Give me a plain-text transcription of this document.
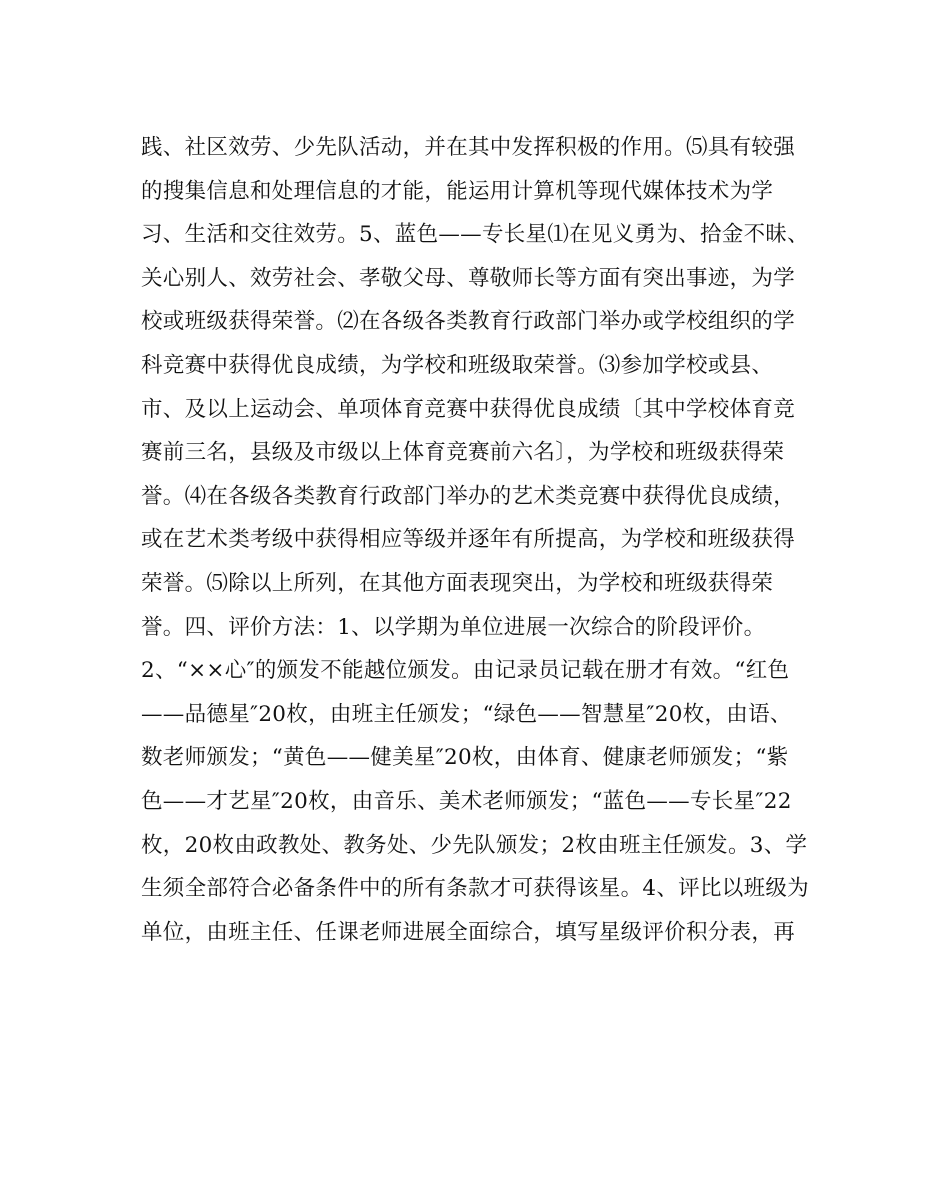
践、社区效劳、少先队活动，并在其中发挥积极的作用。⑸具有较强
的搜集信息和处理信息的才能，能运用计算机等现代媒体技术为学
习、生活和交往效劳。5、蓝色——专长星⑴在见义勇为、拾金不昧、
关心别人、效劳社会、孝敬父母、尊敬师长等方面有突出事迹，为学
校或班级获得荣誉。⑵在各级各类教育行政部门举办或学校组织的学
科竞赛中获得优良成绩，为学校和班级取荣誉。⑶参加学校或县、
市、及以上运动会、单项体育竞赛中获得优良成绩〔其中学校体育竞
赛前三名，县级及市级以上体育竞赛前六名〕，为学校和班级获得荣
誉。⑷在各级各类教育行政部门举办的艺术类竞赛中获得优良成绩，
或在艺术类考级中获得相应等级并逐年有所提高，为学校和班级获得
荣誉。⑸除以上所列，在其他方面表现突出，为学校和班级获得荣
誉。四、评价方法：1、以学期为单位进展一次综合的阶段评价。
2、“××心″的颁发不能越位颁发。由记录员记载在册才有效。“红色
——品德星″20枚，由班主任颁发；“绿色——智慧星″20枚，由语、
数老师颁发；“黄色——健美星″20枚，由体育、健康老师颁发；“紫
色——才艺星″20枚，由音乐、美术老师颁发；“蓝色——专长星″22
枚，20枚由政教处、教务处、少先队颁发；2枚由班主任颁发。3、学
生须全部符合必备条件中的所有条款才可获得该星。4、评比以班级为
单位，由班主任、任课老师进展全面综合，填写星级评价积分表，再
